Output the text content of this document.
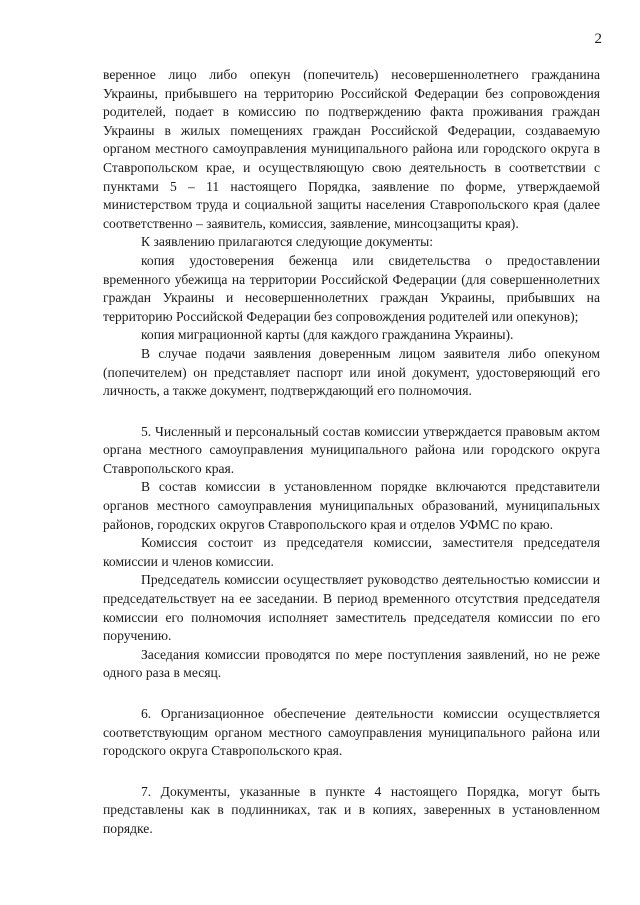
2

веренное лицо либо опекун (попечитель) несовершеннолетнего гражданина Украины, прибывшего на территорию Российской Федерации без сопровождения родителей, подает в комиссию по подтверждению факта проживания граждан Украины в жилых помещениях граждан Российской Федерации, создаваемую органом местного самоуправления муниципального района или городского округа в Ставропольском крае, и осуществляющую свою деятельность в соответствии с пунктами 5 – 11 настоящего Порядка, заявление по форме, утверждаемой министерством труда и социальной защиты населения Ставропольского края (далее соответственно – заявитель, комиссия, заявление, минсоцзащиты края).

К заявлению прилагаются следующие документы:

копия удостоверения беженца или свидетельства о предоставлении временного убежища на территории Российской Федерации (для совершеннолетних граждан Украины и несовершеннолетних граждан Украины, прибывших на территорию Российской Федерации без сопровождения родителей или опекунов);

копия миграционной карты (для каждого гражданина Украины).

В случае подачи заявления доверенным лицом заявителя либо опекуном (попечителем) он представляет паспорт или иной документ, удостоверяющий его личность, а также документ, подтверждающий его полномочия.

5. Численный и персональный состав комиссии утверждается правовым актом органа местного самоуправления муниципального района или городского округа Ставропольского края.

В состав комиссии в установленном порядке включаются представители органов местного самоуправления муниципальных образований, муниципальных районов, городских округов Ставропольского края и отделов УФМС по краю.

Комиссия состоит из председателя комиссии, заместителя председателя комиссии и членов комиссии.

Председатель комиссии осуществляет руководство деятельностью комиссии и председательствует на ее заседании. В период временного отсутствия председателя комиссии его полномочия исполняет заместитель председателя комиссии по его поручению.

Заседания комиссии проводятся по мере поступления заявлений, но не реже одного раза в месяц.

6. Организационное обеспечение деятельности комиссии осуществляется соответствующим органом местного самоуправления муниципального района или городского округа Ставропольского края.

7. Документы, указанные в пункте 4 настоящего Порядка, могут быть представлены как в подлинниках, так и в копиях, заверенных в установленном порядке.
